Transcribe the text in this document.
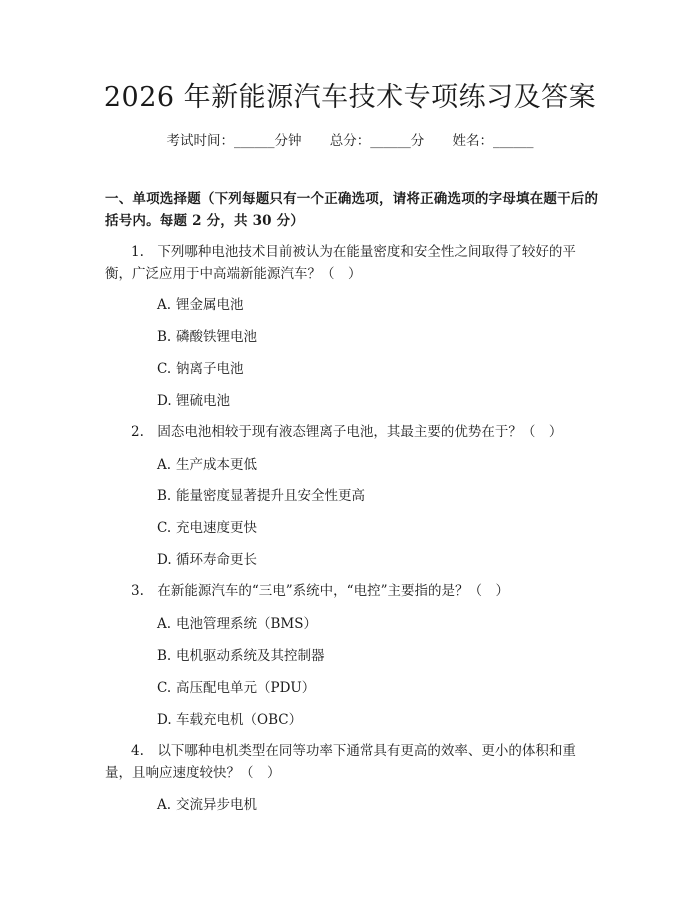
2026 年新能源汽车技术专项练习及答案
考试时间：______分钟 总分：______分 姓名：______
一、单项选择题（下列每题只有一个正确选项，请将正确选项的字母填在题干后的括号内。每题 2 分，共 30 分）
1.　下列哪种电池技术目前被认为在能量密度和安全性之间取得了较好的平衡，广泛应用于中高端新能源汽车？（　）
A. 锂金属电池
B. 磷酸铁锂电池
C. 钠离子电池
D. 锂硫电池
2.　固态电池相较于现有液态锂离子电池，其最主要的优势在于？（　）
A. 生产成本更低
B. 能量密度显著提升且安全性更高
C. 充电速度更快
D. 循环寿命更长
3.　在新能源汽车的“三电”系统中，“电控”主要指的是？（　）
A. 电池管理系统（BMS）
B. 电机驱动系统及其控制器
C. 高压配电单元（PDU）
D. 车载充电机（OBC）
4.　以下哪种电机类型在同等功率下通常具有更高的效率、更小的体积和重量，且响应速度较快？（　）
A. 交流异步电机
